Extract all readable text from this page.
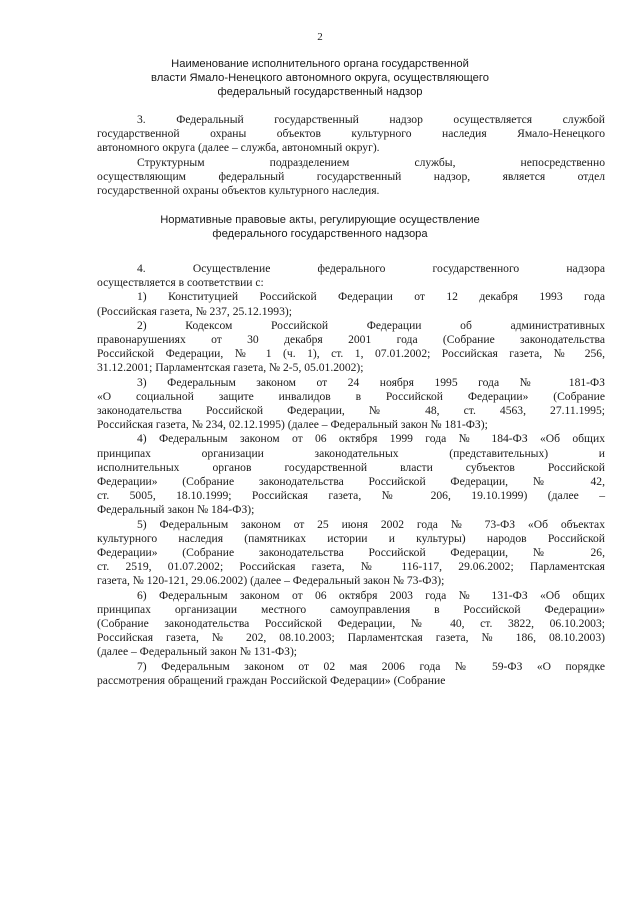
2
Наименование исполнительного органа государственной
власти Ямало-Ненецкого автономного округа, осуществляющего
федеральный государственный надзор
3. Федеральный государственный надзор осуществляется службой
государственной охраны объектов культурного наследия Ямало-Ненецкого
автономного округа (далее – служба, автономный округ).
Структурным подразделением службы, непосредственно
осуществляющим федеральный государственный надзор, является отдел
государственной охраны объектов культурного наследия.
Нормативные правовые акты, регулирующие осуществление
федерального государственного надзора
4. Осуществление федерального государственного надзора
осуществляется в соответствии с:
1) Конституцией Российской Федерации от 12 декабря 1993 года
(Российская газета, № 237, 25.12.1993);
2) Кодексом Российской Федерации об административных
правонарушениях от 30 декабря 2001 года (Собрание законодательства
Российской Федерации, № 1 (ч. 1), ст. 1, 07.01.2002; Российская газета, № 256,
31.12.2001; Парламентская газета, № 2-5, 05.01.2002);
3) Федеральным законом от 24 ноября 1995 года № 181-ФЗ
«О социальной защите инвалидов в Российской Федерации» (Собрание
законодательства Российской Федерации, № 48, ст. 4563, 27.11.1995;
Российская газета, № 234, 02.12.1995) (далее – Федеральный закон № 181-ФЗ);
4) Федеральным законом от 06 октября 1999 года № 184-ФЗ «Об общих
принципах организации законодательных (представительных) и
исполнительных органов государственной власти субъектов Российской
Федерации» (Собрание законодательства Российской Федерации, № 42,
ст. 5005, 18.10.1999; Российская газета, № 206, 19.10.1999) (далее –
Федеральный закон № 184-ФЗ);
5) Федеральным законом от 25 июня 2002 года № 73-ФЗ «Об объектах
культурного наследия (памятниках истории и культуры) народов Российской
Федерации» (Собрание законодательства Российской Федерации, № 26,
ст. 2519, 01.07.2002; Российская газета, № 116-117, 29.06.2002; Парламентская
газета, № 120-121, 29.06.2002) (далее – Федеральный закон № 73-ФЗ);
6) Федеральным законом от 06 октября 2003 года № 131-ФЗ «Об общих
принципах организации местного самоуправления в Российской Федерации»
(Собрание законодательства Российской Федерации, № 40, ст. 3822, 06.10.2003;
Российская газета, № 202, 08.10.2003; Парламентская газета, № 186, 08.10.2003)
(далее – Федеральный закон № 131-ФЗ);
7) Федеральным законом от 02 мая 2006 года № 59-ФЗ «О порядке
рассмотрения обращений граждан Российской Федерации» (Собрание
